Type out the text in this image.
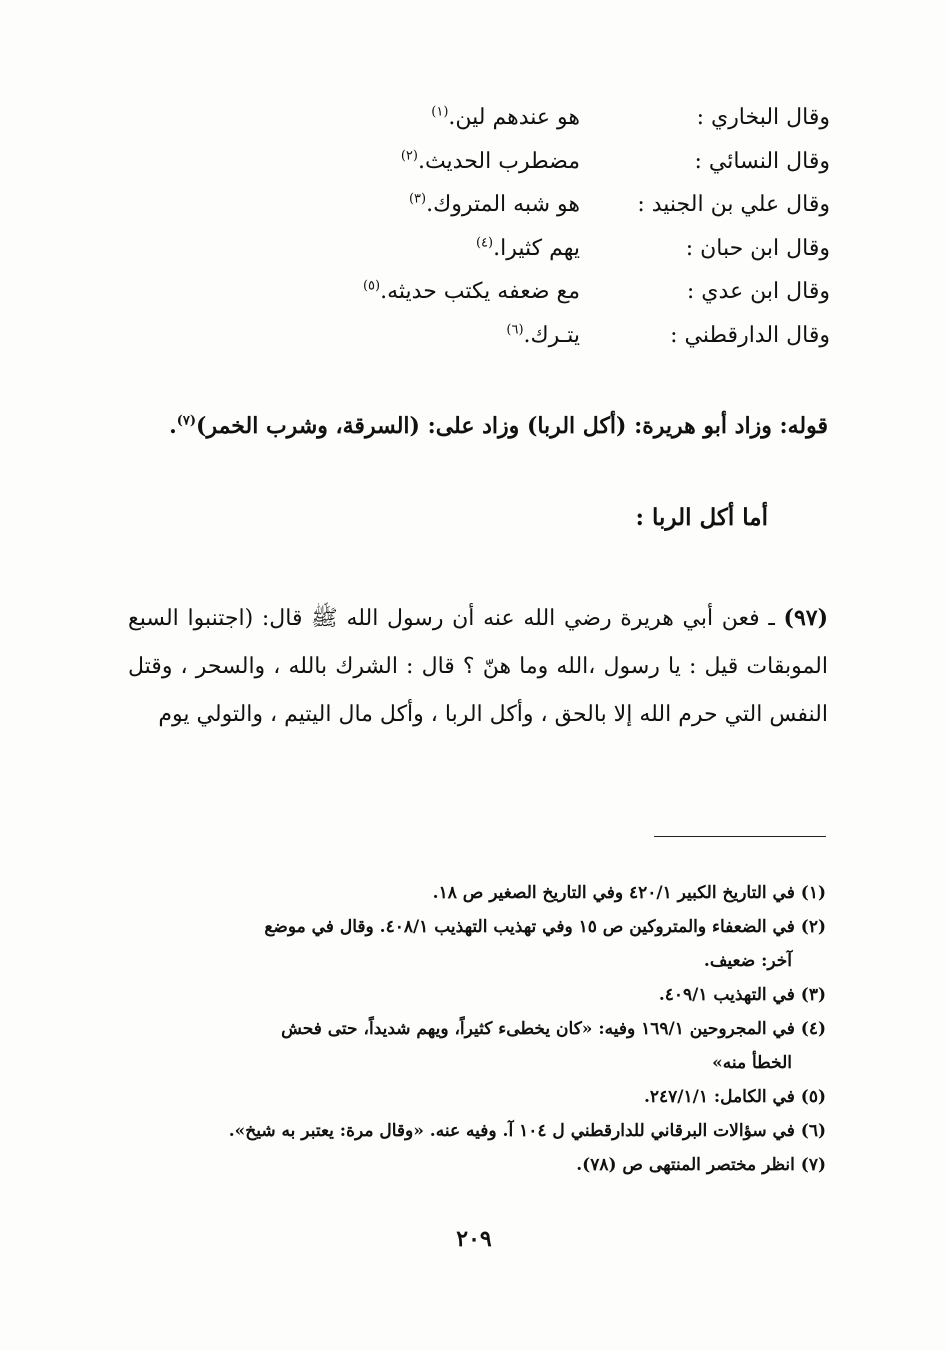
وقال البخاري :
هو عندهم لين.$^{(١)}$
وقال النسائي :
مضطرب الحديث.$^{(٢)}$
وقال علي بن الجنيد :
هو شبه المتروك.$^{(٣)}$
وقال ابن حبان :
يهم كثيرا.$^{(٤)}$
وقال ابن عدي :
مع ضعفه يكتب حديثه.$^{(٥)}$
وقال الدارقطني :
يتـرك.$^{(٦)}$

قوله: وزاد أبو هريرة: (أكل الربا) وزاد على: (السرقة، وشرب الخمر)$^{(٧)}$.

أما أكل الربا :

(٩٧) ـ فعن أبي هريرة رضي الله عنه أن رسول الله ﷺ قال: (اجتنبوا السبع الموبقات قيل : يا رسول ،الله وما هنّ ؟ قال : الشرك بالله ، والسحر ، وقتل النفس التي حرم الله إلا بالحق ، وأكل الربا ، وأكل مال اليتيم ، والتولي يوم

(١) في التاريخ الكبير ٤٢٠/١ وفي التاريخ الصغير ص ١٨.
(٢) في الضعفاء والمتروكين ص ١٥ وفي تهذيب التهذيب ٤٠٨/١. وقال في موضع
آخر: ضعيف.
(٣) في التهذيب ٤٠٩/١.
(٤) في المجروحين ١٦٩/١ وفيه: «كان يخطىء كثيراً، ويهم شديداً، حتى فحش
الخطأ منه»
(٥) في الكامل: ٢٤٧/١/١.
(٦) في سؤالات البرقاني للدارقطني ل ١٠٤ آ. وفيه عنه. «وقال مرة: يعتبر به شيخ».
(٧) انظر مختصر المنتهى ص (٧٨).
٢٠٩
